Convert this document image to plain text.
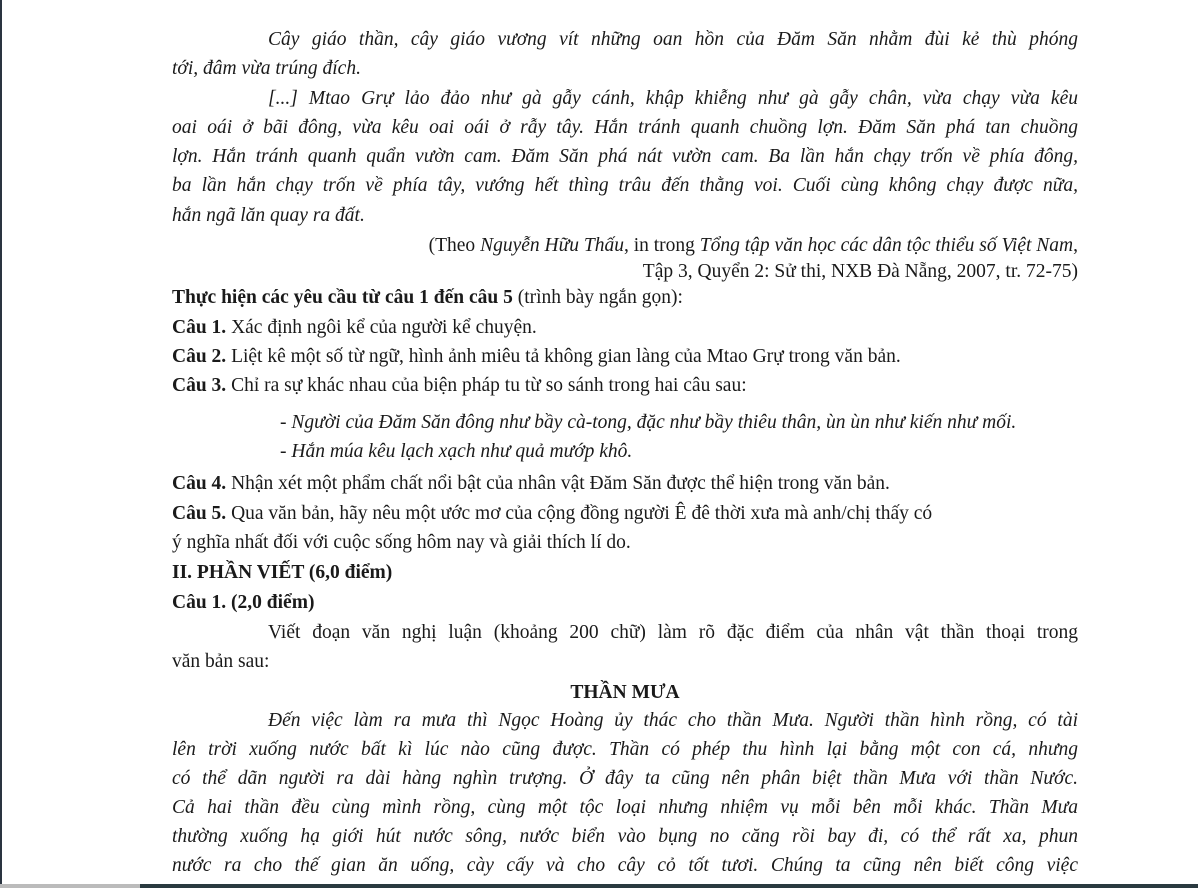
Cây giáo thần, cây giáo vương vít những oan hồn của Đăm Săn nhằm đùi kẻ thù phóng
tới, đâm vừa trúng đích.
[...] Mtao Grự lảo đảo như gà gẫy cánh, khập khiễng như gà gẫy chân, vừa chạy vừa kêu
oai oái ở bãi đông, vừa kêu oai oái ở rẫy tây. Hắn tránh quanh chuồng lợn. Đăm Săn phá tan chuồng
lợn. Hắn tránh quanh quẩn vườn cam. Đăm Săn phá nát vườn cam. Ba lần hắn chạy trốn về phía đông,
ba lần hắn chạy trốn về phía tây, vướng hết thìng trâu đến thằng voi. Cuối cùng không chạy được nữa,
hắn ngã lăn quay ra đất.
(Theo Nguyễn Hữu Thấu, in trong Tổng tập văn học các dân tộc thiểu số Việt Nam,
Tập 3, Quyển 2: Sử thi, NXB Đà Nẵng, 2007, tr. 72-75)
Thực hiện các yêu cầu từ câu 1 đến câu 5 (trình bày ngắn gọn):
Câu 1. Xác định ngôi kể của người kể chuyện.
Câu 2. Liệt kê một số từ ngữ, hình ảnh miêu tả không gian làng của Mtao Grự trong văn bản.
Câu 3. Chỉ ra sự khác nhau của biện pháp tu từ so sánh trong hai câu sau:
- Người của Đăm Săn đông như bầy cà-tong, đặc như bầy thiêu thân, ùn ùn như kiến như mối.
- Hắn múa kêu lạch xạch như quả mướp khô.
Câu 4. Nhận xét một phẩm chất nổi bật của nhân vật Đăm Săn được thể hiện trong văn bản.
Câu 5. Qua văn bản, hãy nêu một ước mơ của cộng đồng người Ê đê thời xưa mà anh/chị thấy có
ý nghĩa nhất đối với cuộc sống hôm nay và giải thích lí do.
II. PHẦN VIẾT (6,0 điểm)
Câu 1. (2,0 điểm)
Viết đoạn văn nghị luận (khoảng 200 chữ) làm rõ đặc điểm của nhân vật thần thoại trong
văn bản sau:
THẦN MƯA
Đến việc làm ra mưa thì Ngọc Hoàng ủy thác cho thần Mưa. Người thần hình rồng, có tài
lên trời xuống nước bất kì lúc nào cũng được. Thần có phép thu hình lại bằng một con cá, nhưng
có thể dãn người ra dài hàng nghìn trượng. Ở đây ta cũng nên phân biệt thần Mưa với thần Nước.
Cả hai thần đều cùng mình rồng, cùng một tộc loại nhưng nhiệm vụ mỗi bên mỗi khác. Thần Mưa
thường xuống hạ giới hút nước sông, nước biển vào bụng no căng rồi bay đi, có thể rất xa, phun
nước ra cho thế gian ăn uống, cày cấy và cho cây cỏ tốt tươi. Chúng ta cũng nên biết công việc
